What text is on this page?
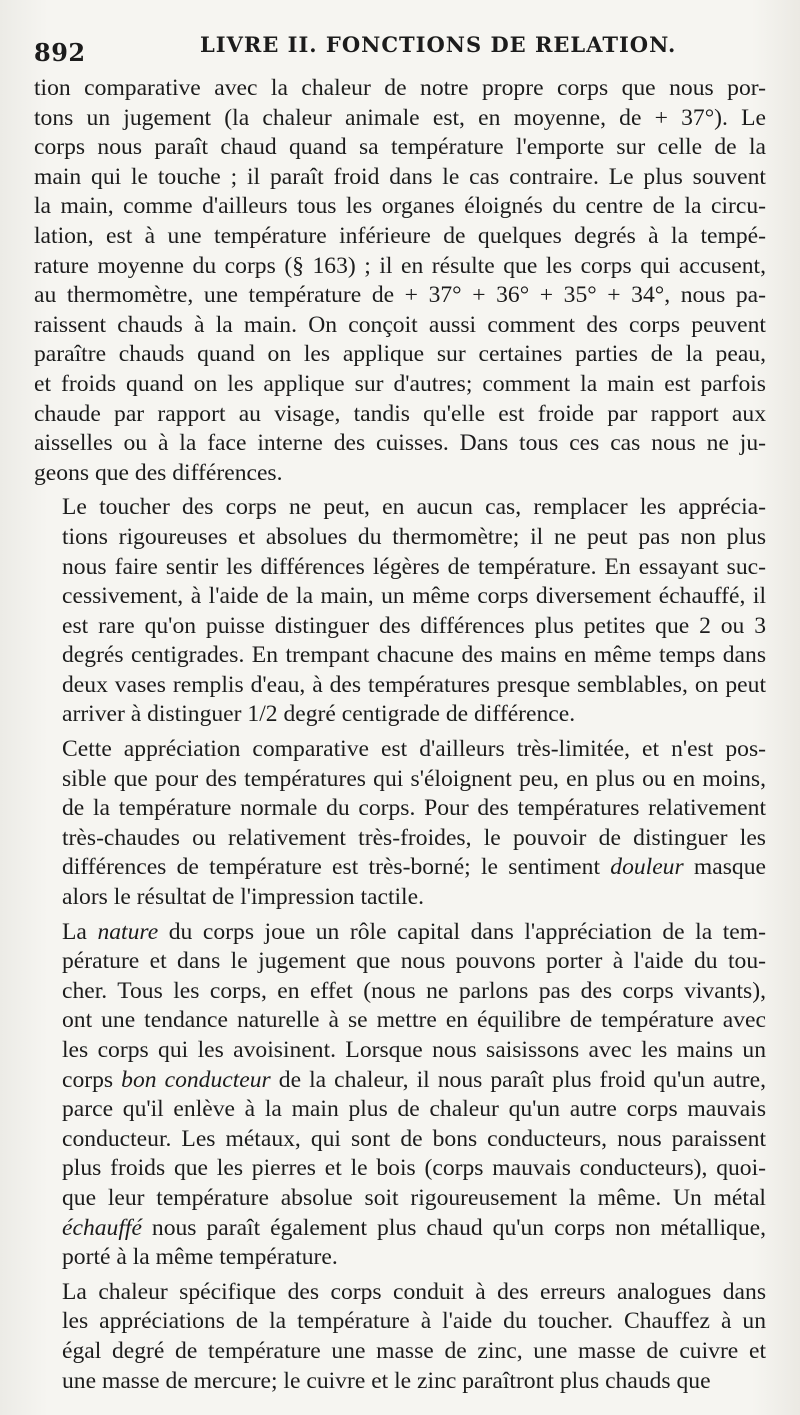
892	LIVRE II. FONCTIONS DE RELATION.
tion comparative avec la chaleur de notre propre corps que nous por-
tons un jugement (la chaleur animale est, en moyenne, de + 37°). Le
corps nous paraît chaud quand sa température l'emporte sur celle de la
main qui le touche ; il paraît froid dans le cas contraire. Le plus souvent
la main, comme d'ailleurs tous les organes éloignés du centre de la circu-
lation, est à une température inférieure de quelques degrés à la tempé-
rature moyenne du corps (§ 163) ; il en résulte que les corps qui accusent,
au thermomètre, une température de + 37° + 36° + 35° + 34°, nous pa-
raissent chauds à la main. On conçoit aussi comment des corps peuvent
paraître chauds quand on les applique sur certaines parties de la peau,
et froids quand on les applique sur d'autres; comment la main est parfois
chaude par rapport au visage, tandis qu'elle est froide par rapport aux
aisselles ou à la face interne des cuisses. Dans tous ces cas nous ne ju-
geons que des différences.
Le toucher des corps ne peut, en aucun cas, remplacer les apprécia-
tions rigoureuses et absolues du thermomètre; il ne peut pas non plus
nous faire sentir les différences légères de température. En essayant suc-
cessivement, à l'aide de la main, un même corps diversement échauffé, il
est rare qu'on puisse distinguer des différences plus petites que 2 ou 3
degrés centigrades. En trempant chacune des mains en même temps dans
deux vases remplis d'eau, à des températures presque semblables, on peut
arriver à distinguer 1/2 degré centigrade de différence.
Cette appréciation comparative est d'ailleurs très-limitée, et n'est pos-
sible que pour des températures qui s'éloignent peu, en plus ou en moins,
de la température normale du corps. Pour des températures relativement
très-chaudes ou relativement très-froides, le pouvoir de distinguer les
différences de température est très-borné; le sentiment douleur masque
alors le résultat de l'impression tactile.
La nature du corps joue un rôle capital dans l'appréciation de la tem-
pérature et dans le jugement que nous pouvons porter à l'aide du tou-
cher. Tous les corps, en effet (nous ne parlons pas des corps vivants),
ont une tendance naturelle à se mettre en équilibre de température avec
les corps qui les avoisinent. Lorsque nous saisissons avec les mains un
corps bon conducteur de la chaleur, il nous paraît plus froid qu'un autre,
parce qu'il enlève à la main plus de chaleur qu'un autre corps mauvais
conducteur. Les métaux, qui sont de bons conducteurs, nous paraissent
plus froids que les pierres et le bois (corps mauvais conducteurs), quoi-
que leur température absolue soit rigoureusement la même. Un métal
échauffé nous paraît également plus chaud qu'un corps non métallique,
porté à la même température.
La chaleur spécifique des corps conduit à des erreurs analogues dans
les appréciations de la température à l'aide du toucher. Chauffez à un
égal degré de température une masse de zinc, une masse de cuivre et
une masse de mercure; le cuivre et le zinc paraîtront plus chauds que
